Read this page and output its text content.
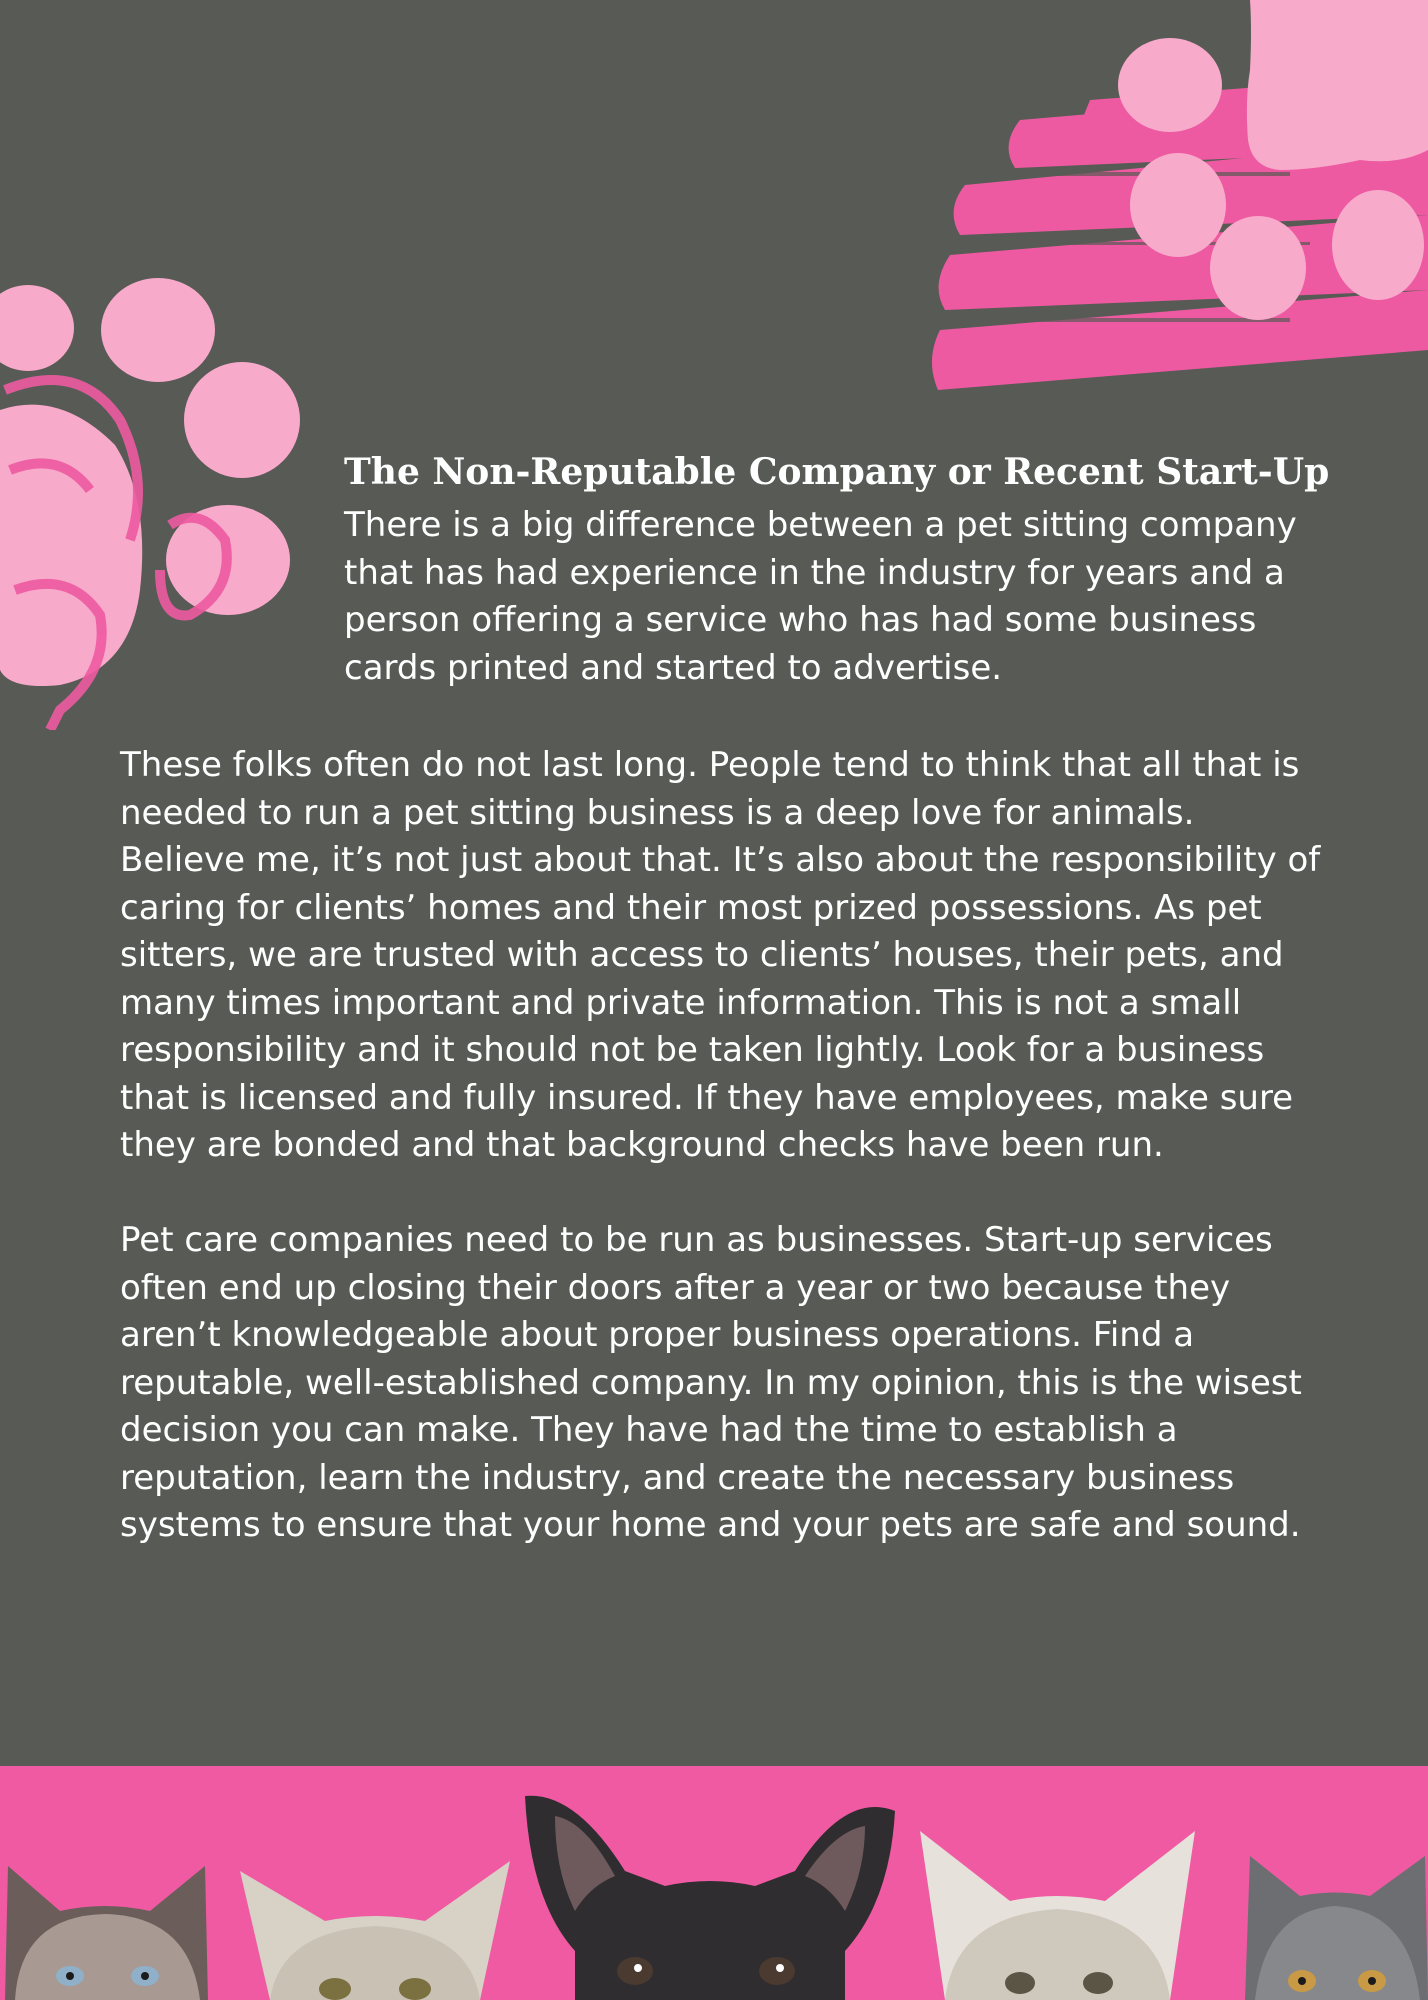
The Non-Reputable Company or Recent Start-Up

There is a big difference between a pet sitting company that has had experience in the industry for years and a person offering a service who has had some business cards printed and started to advertise.

These folks often do not last long. People tend to think that all that is needed to run a pet sitting business is a deep love for animals. Believe me, it’s not just about that. It’s also about the responsibility of caring for clients’ homes and their most prized possessions. As pet sitters, we are trusted with access to clients’ houses, their pets, and many times important and private information. This is not a small responsibility and it should not be taken lightly. Look for a business that is licensed and fully insured. If they have employees, make sure they are bonded and that background checks have been run.

Pet care companies need to be run as businesses. Start-up services often end up closing their doors after a year or two because they aren’t knowledgeable about proper business operations. Find a reputable, well-established company. In my opinion, this is the wisest decision you can make. They have had the time to establish a reputation, learn the industry, and create the necessary business systems to ensure that your home and your pets are safe and sound.
